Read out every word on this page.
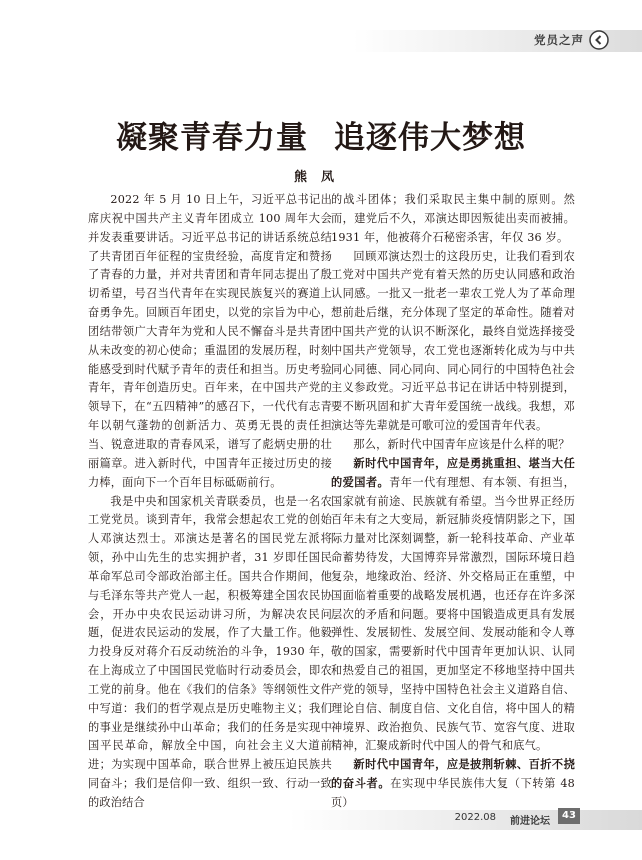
党员之声
凝聚青春力量 追逐伟大梦想
熊凤

2022 年 5 月 10 日上午，习近平总书记出席庆祝中国共产主义青年团成立 100 周年大会并发表重要讲话。习近平总书记的讲话系统总结了共青团百年征程的宝贵经验，高度肯定和赞扬了青春的力量，并对共青团和青年同志提出了殷切希望，号召当代青年在实现民族复兴的赛道上奋勇争先。回顾百年团史，以党的宗旨为中心，团结带领广大青年为党和人民不懈奋斗是共青团从未改变的初心使命；重温团的发展历程，时刻能感受到时代赋予青年的责任和担当。历史考验青年，青年创造历史。百年来，在中国共产党的领导下，在“五四精神”的感召下，一代代有志青年以朝气蓬勃的创新活力、英勇无畏的责任担当、锐意进取的青春风采，谱写了彪炳史册的壮丽篇章。进入新时代，中国青年正接过历史的接力棒，面向下一个百年目标砥砺前行。

我是中央和国家机关青联委员，也是一名农工党党员。谈到青年，我常会想起农工党的创始人邓演达烈士。邓演达是著名的国民党左派将领，孙中山先生的忠实拥护者，31 岁即任国民革命军总司令部政治部主任。国共合作期间，他与毛泽东等共产党人一起，积极筹建全国农民协会，开办中央农民运动讲习所，为解决农民问题，促进农民运动的发展，作了大量工作。他毅力投身反对蒋介石反动统治的斗争，1930 年，在上海成立了中国国民党临时行动委员会，即农工党的前身。他在《我们的信条》等纲领性文件中写道：我们的哲学观点是历史唯物主义；我们的事业是继续孙中山革命；我们的任务是实现中国平民革命，解放全中国，向社会主义大道前进；为实现中国革命，联合世界上被压迫民族共同奋斗；我们是信仰一致、组织一致、行动一致的政治结合

的战斗团体；我们采取民主集中制的原则。然而，建党后不久，邓演达即因叛徒出卖而被捕。1931 年，他被蒋介石秘密杀害，年仅 36 岁。

回顾邓演达烈士的这段历史，让我们看到农工党对中国共产党有着天然的历史认同感和政治认同感。一批又一批老一辈农工党人为了革命理想前赴后继，充分体现了坚定的革命性。随着对中国共产党的认识不断深化，最终自觉选择接受中国共产党领导，农工党也逐渐转化成为与中共同心同德、同心同向、同心同行的中国特色社会主义参政党。习近平总书记在讲话中特别提到，要不断巩固和扩大青年爱国统一战线。我想，邓演达等先辈就是可歌可泣的爱国青年代表。

那么，新时代中国青年应该是什么样的呢？

新时代中国青年，应是勇挑重担、堪当大任的爱国者。青年一代有理想、有本领、有担当，国家就有前途、民族就有希望。当今世界正经历百年未有之大变局，新冠肺炎疫情阴影之下，国际力量对比深刻调整，新一轮科技革命、产业革命蓄势待发，大国博弈异常激烈，国际环境日趋复杂，地缘政治、经济、外交格局正在重塑，中国面临着重要的战略发展机遇，也还存在许多深层次的矛盾和问题。要将中国锻造成更具有发展弹性、发展韧性、发展空间、发展动能和令人尊敬的国家，需要新时代中国青年更加认识、认同和热爱自己的祖国，更加坚定不移地坚持中国共产党的领导，坚持中国特色社会主义道路自信、理论自信、制度自信、文化自信，将中国人的精神境界、政治抱负、民族气节、宽容气度、进取精神，汇聚成新时代中国人的骨气和底气。

新时代中国青年，应是披荆斩棘、百折不挠的奋斗者。在实现中华民族伟大复（下转第 48 页）

2022.08 前进论坛
43
